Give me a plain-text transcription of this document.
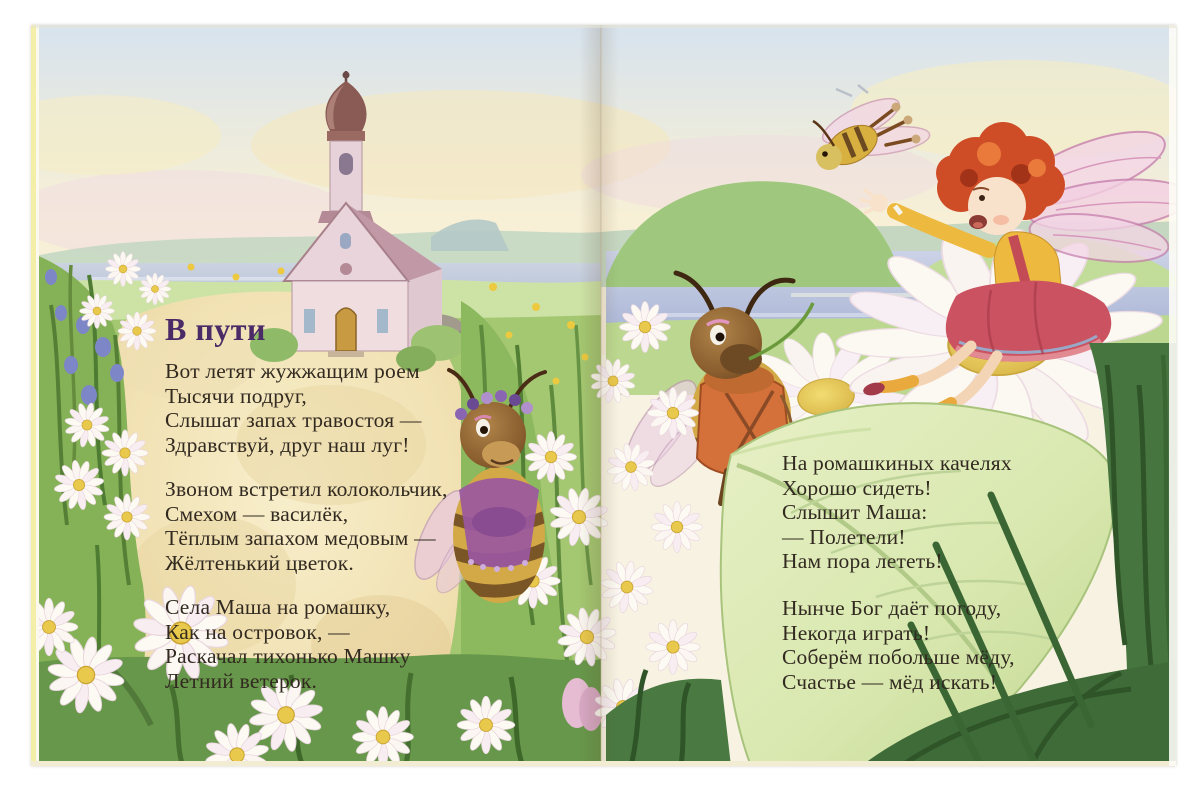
В пути
Вот летят жужжащим роем
Тысячи подруг,
Слышат запах травостоя —
Здравствуй, друг наш луг!
Звоном встретил колокольчик,
Смехом — василёк,
Тёплым запахом медовым —
Жёлтенький цветок.
Села Маша на ромашку,
Как на островок, —
Раскачал тихонько Машку
Летний ветерок.
На ромашкиных качелях
Хорошо сидеть!
Слышит Маша:
— Полетели!
Нам пора лететь!
Нынче Бог даёт погоду,
Некогда играть!
Соберём побольше мёду,
Счастье — мёд искать!
